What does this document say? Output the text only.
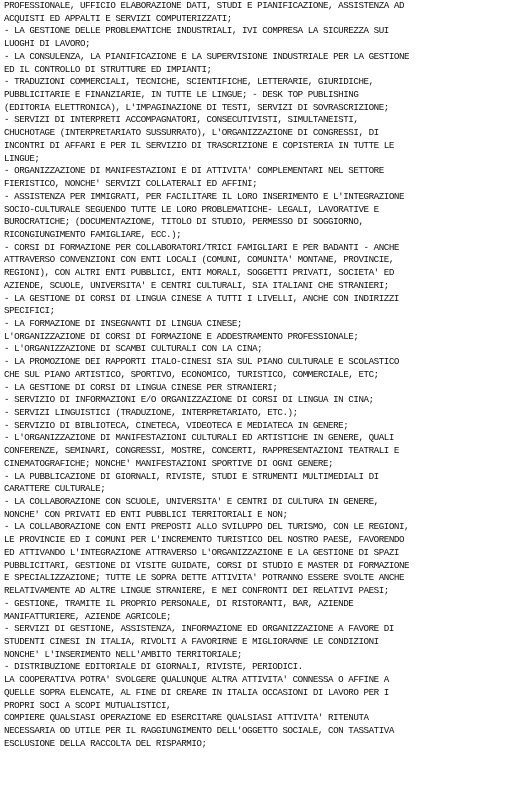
PROFESSIONALE, UFFICIO ELABORAZIONE DATI, STUDI E PIANIFICAZIONE, ASSISTENZA AD
ACQUISTI ED APPALTI E SERVIZI COMPUTERIZZATI;
- LA GESTIONE DELLE PROBLEMATICHE INDUSTRIALI, IVI COMPRESA LA SICUREZZA SUI
LUOGHI DI LAVORO;
- LA CONSULENZA, LA PIANIFICAZIONE E LA SUPERVISIONE INDUSTRIALE PER LA GESTIONE
ED IL CONTROLLO DI STRUTTURE ED IMPIANTI;
- TRADUZIONI COMMERCIALI, TECNICHE, SCIENTIFICHE, LETTERARIE, GIURIDICHE,
PUBBLICITARIE E FINANZIARIE, IN TUTTE LE LINGUE; - DESK TOP PUBLISHING
(EDITORIA ELETTRONICA), L'IMPAGINAZIONE DI TESTI, SERVIZI DI SOVRASCRIZIONE;
- SERVIZI DI INTERPRETI ACCOMPAGNATORI, CONSECUTIVISTI, SIMULTANEISTI,
CHUCHOTAGE (INTERPRETARIATO SUSSURRATO), L'ORGANIZZAZIONE DI CONGRESSI, DI
INCONTRI DI AFFARI E PER IL SERVIZIO DI TRASCRIZIONE E COPISTERIA IN TUTTE LE
LINGUE;
- ORGANIZZAZIONE DI MANIFESTAZIONI E DI ATTIVITA' COMPLEMENTARI NEL SETTORE
FIERISTICO, NONCHE' SERVIZI COLLATERALI ED AFFINI;
- ASSISTENZA PER IMMIGRATI, PER FACILITARE IL LORO INSERIMENTO E L'INTEGRAZIONE
SOCIO-CULTURALE SEGUENDO TUTTE LE LORO PROBLEMATICHE- LEGALI, LAVORATIVE E
BUROCRATICHE; (DOCUMENTAZIONE, TITOLO DI STUDIO, PERMESSO DI SOGGIORNO,
RICONGIUNGIMENTO FAMIGLIARE, ECC.);
- CORSI DI FORMAZIONE PER COLLABORATORI/TRICI FAMIGLIARI E PER BADANTI - ANCHE
ATTRAVERSO CONVENZIONI CON ENTI LOCALI (COMUNI, COMUNITA' MONTANE, PROVINCIE,
REGIONI), CON ALTRI ENTI PUBBLICI, ENTI MORALI, SOGGETTI PRIVATI, SOCIETA' ED
AZIENDE, SCUOLE, UNIVERSITA' E CENTRI CULTURALI, SIA ITALIANI CHE STRANIERI;
- LA GESTIONE DI CORSI DI LINGUA CINESE A TUTTI I LIVELLI, ANCHE CON INDIRIZZI
SPECIFICI;
- LA FORMAZIONE DI INSEGNANTI DI LINGUA CINESE;
L'ORGANIZZAZIONE DI CORSI DI FORMAZIONE E ADDESTRAMENTO PROFESSIONALE;
- L'ORGANIZZAZIONE DI SCAMBI CULTURALI CON LA CINA;
- LA PROMOZIONE DEI RAPPORTI ITALO-CINESI SIA SUL PIANO CULTURALE E SCOLASTICO
CHE SUL PIANO ARTISTICO, SPORTIVO, ECONOMICO, TURISTICO, COMMERCIALE, ETC;
- LA GESTIONE DI CORSI DI LINGUA CINESE PER STRANIERI;
- SERVIZIO DI INFORMAZIONI E/O ORGANIZZAZIONE DI CORSI DI LINGUA IN CINA;
- SERVIZI LINGUISTICI (TRADUZIONE, INTERPRETARIATO, ETC.);
- SERVIZIO DI BIBLIOTECA, CINETECA, VIDEOTECA E MEDIATECA IN GENERE;
- L'ORGANIZZAZIONE DI MANIFESTAZIONI CULTURALI ED ARTISTICHE IN GENERE, QUALI
CONFERENZE, SEMINARI, CONGRESSI, MOSTRE, CONCERTI, RAPPRESENTAZIONI TEATRALI E
CINEMATOGRAFICHE; NONCHE' MANIFESTAZIONI SPORTIVE DI OGNI GENERE;
- LA PUBBLICAZIONE DI GIORNALI, RIVISTE, STUDI E STRUMENTI MULTIMEDIALI DI
CARATTERE CULTURALE;
- LA COLLABORAZIONE CON SCUOLE, UNIVERSITA' E CENTRI DI CULTURA IN GENERE,
NONCHE' CON PRIVATI ED ENTI PUBBLICI TERRITORIALI E NON;
- LA COLLABORAZIONE CON ENTI PREPOSTI ALLO SVILUPPO DEL TURISMO, CON LE REGIONI,
LE PROVINCIE ED I COMUNI PER L'INCREMENTO TURISTICO DEL NOSTRO PAESE, FAVORENDO
ED ATTIVANDO L'INTEGRAZIONE ATTRAVERSO L'ORGANIZZAZIONE E LA GESTIONE DI SPAZI
PUBBLICITARI, GESTIONE DI VISITE GUIDATE, CORSI DI STUDIO E MASTER DI FORMAZIONE
E SPECIALIZZAZIONE; TUTTE LE SOPRA DETTE ATTIVITA' POTRANNO ESSERE SVOLTE ANCHE
RELATIVAMENTE AD ALTRE LINGUE STRANIERE, E NEI CONFRONTI DEI RELATIVI PAESI;
- GESTIONE, TRAMITE IL PROPRIO PERSONALE, DI RISTORANTI, BAR, AZIENDE
MANIFATTURIERE, AZIENDE AGRICOLE;
- SERVIZI DI GESTIONE, ASSISTENZA, INFORMAZIONE ED ORGANIZZAZIONE A FAVORE DI
STUDENTI CINESI IN ITALIA, RIVOLTI A FAVORIRNE E MIGLIORARNE LE CONDIZIONI
NONCHE' L'INSERIMENTO NELL'AMBITO TERRITORIALE;
- DISTRIBUZIONE EDITORIALE DI GIORNALI, RIVISTE, PERIODICI.
LA COOPERATIVA POTRA' SVOLGERE QUALUNQUE ALTRA ATTIVITA' CONNESSA O AFFINE A
QUELLE SOPRA ELENCATE, AL FINE DI CREARE IN ITALIA OCCASIONI DI LAVORO PER I
PROPRI SOCI A SCOPI MUTUALISTICI,
COMPIERE QUALSIASI OPERAZIONE ED ESERCITARE QUALSIASI ATTIVITA' RITENUTA
NECESSARIA OD UTILE PER IL RAGGIUNGIMENTO DELL'OGGETTO SOCIALE, CON TASSATIVA
ESCLUSIONE DELLA RACCOLTA DEL RISPARMIO;
